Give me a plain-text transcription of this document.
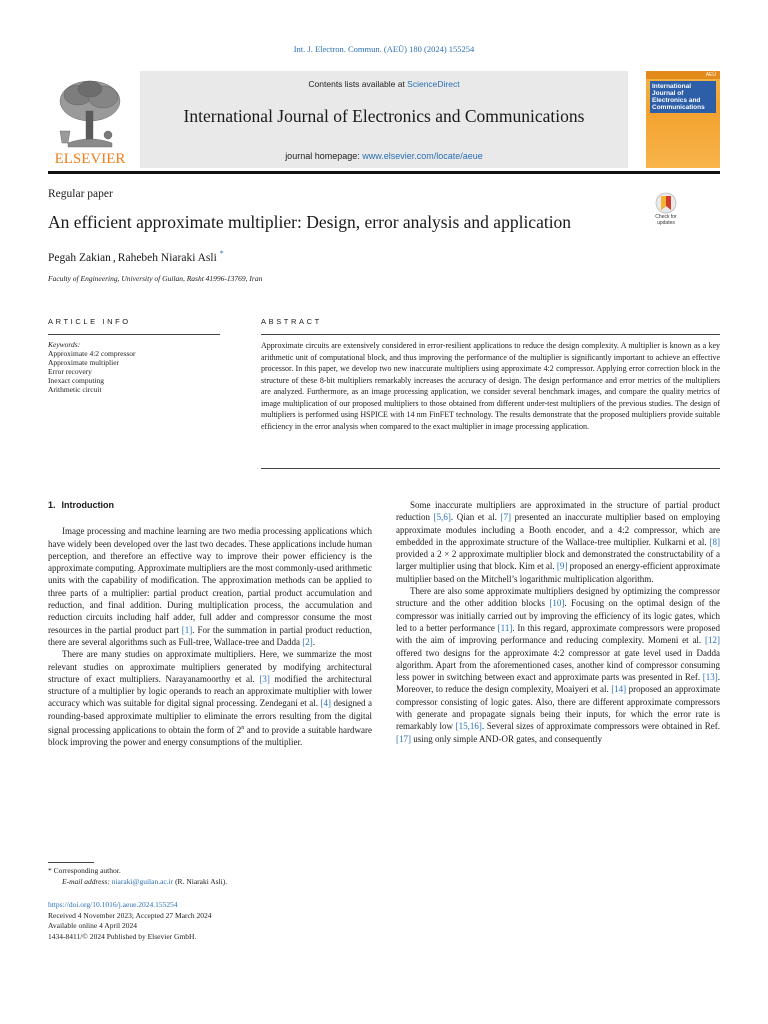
Int. J. Electron. Commun. (AEÜ) 180 (2024) 155254
ELSEVIER
Contents lists available at ScienceDirect
International Journal of Electronics and Communications
journal homepage: www.elsevier.com/locate/aeue
AEÜ
International Journal of Electronics and Communications
Regular paper
An efficient approximate multiplier: Design, error analysis and application	Check for updates
Pegah Zakian , Rahebeh Niaraki Asli *
Faculty of Engineering, University of Guilan, Rasht 41996-13769, Iran
ARTICLE INFO	ABSTRACT
Keywords:
Approximate 4:2 compressor
Approximate multiplier
Error recovery
Inexact computing
Arithmetic circuit
Approximate circuits are extensively considered in error-resilient applications to reduce the design complexity. A multiplier is known as a key arithmetic unit of computational block, and thus improving the performance of the multiplier is significantly important to achieve an effective processor. In this paper, we develop two new inaccurate multipliers using approximate 4:2 compressor. Applying error correction block in the structure of these 8-bit multipliers remarkably increases the accuracy of design. The design performance and error metrics of the multipliers are analyzed. Furthermore, as an image processing application, we consider several benchmark images, and compare the quality metrics of image multiplication of our proposed multipliers to those obtained from different under-test multipliers of the previous studies. The design of multipliers is performed using HSPICE with 14 nm FinFET technology. The results demonstrate that the proposed multipliers provide suitable efficiency in the error analysis when compared to the exact multiplier in image processing application.
1. Introduction

Image processing and machine learning are two media processing applications which have widely been developed over the last two decades. These applications include human perception, and therefore an effective way to improve their power efficiency is the approximate computing. Approximate multipliers are the most commonly-used arithmetic units with the capability of modification. The approximation methods can be applied to three parts of a multiplier: partial product creation, partial product accumulation and reduction, and final addition. During multiplication process, the accumulation and reduction circuits including half adder, full adder and compressor consume the most resources in the partial product part [1]. For the summation in partial product reduction, there are several algorithms such as Full-tree, Wallace-tree and Dadda [2].

There are many studies on approximate multipliers. Here, we summarize the most relevant studies on approximate multipliers generated by modifying architectural structure of exact multipliers. Narayanamoorthy et al. [3] modified the architectural structure of a multiplier by logic operands to reach an approximate multiplier with lower accuracy which was suitable for digital signal processing. Zendegani et al. [4] designed a rounding-based approximate multiplier to eliminate the errors resulting from the digital signal processing applications to obtain the form of 2$^n$ and to provide a suitable hardware block improving the power and energy consumptions of the multiplier.

Some inaccurate multipliers are approximated in the structure of partial product reduction [5,6]. Qian et al. [7] presented an inaccurate multiplier based on employing approximate modules including a Booth encoder, and a 4:2 compressor, which are embedded in the approximate structure of the Wallace-tree multiplier. Kulkarni et al. [8] provided a 2 × 2 approximate multiplier block and demonstrated the constructability of a larger multiplier using that block. Kim et al. [9] proposed an energy-efficient approximate multiplier based on the Mitchell’s logarithmic multiplication algorithm.

There are also some approximate multipliers designed by optimizing the compressor structure and the other addition blocks [10]. Focusing on the optimal design of the compressor was initially carried out by improving the efficiency of its logic gates, which led to a better performance [11]. In this regard, approximate compressors were proposed with the aim of improving performance and reducing complexity. Momeni et al. [12] offered two designs for the approximate 4:2 compressor at gate level used in Dadda algorithm. Apart from the aforementioned cases, another kind of compressor consuming less power in switching between exact and approximate parts was presented in Ref. [13]. Moreover, to reduce the design complexity, Moaiyeri et al. [14] proposed an approximate compressor consisting of logic gates. Also, there are different approximate compressors with generate and propagate signals being their inputs, for which the error rate is remarkably low [15,16]. Several sizes of approximate compressors were obtained in Ref. [17] using only simple AND-OR gates, and consequently

* Corresponding author.
E-mail address: niaraki@guilan.ac.ir (R. Niaraki Asli).
https://doi.org/10.1016/j.aeue.2024.155254
Received 4 November 2023; Accepted 27 March 2024
Available online 4 April 2024
1434-8411/© 2024 Published by Elsevier GmbH.
